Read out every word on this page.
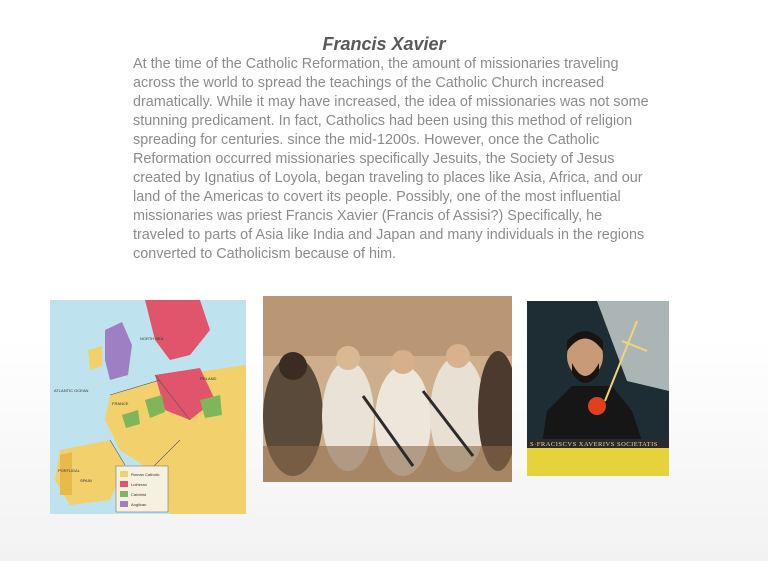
Francis Xavier

At the time of the Catholic Reformation, the amount of missionaries traveling across the world to spread the teachings of the Catholic Church increased dramatically. While it may have increased, the idea of missionaries was not some stunning predicament. In fact, Catholics had been using this method of religion spreading for centuries. since the mid-1200s. However, once the Catholic Reformation occurred missionaries specifically Jesuits, the Society of Jesus created by Ignatius of Loyola, began traveling to places like Asia, Africa, and our land of the Americas to covert its people. Possibly, one of the most influential missionaries was priest Francis Xavier (Francis of Assisi?) Specifically, he traveled to parts of Asia like India and Japan and many individuals in the regions converted to Catholicism because of him.

ATLANTIC OCEAN
NORTH SEA
PORTUGAL
SPAIN
FRANCE
POLAND
Roman Catholic
Lutheran
Calvinist
Anglican
S·FRACISCVS XAVERIVS SOCIETATIS
